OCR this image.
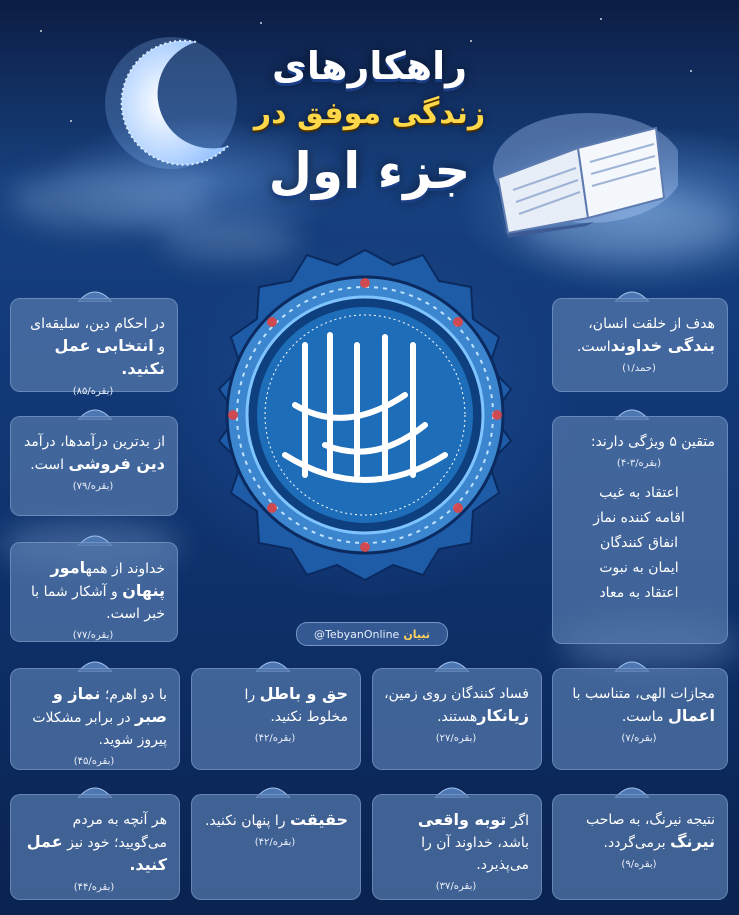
راهکارهای
زندگی موفق در
جزء اول
@TebyanOnline تبیان
هدف از خلقت انسان، بندگی خداونداست.
(حمد/۱)
در احکام دین، سلیقه‌ای و انتخابی عمل نکنید.
(بقره/۸۵)
متقین ۵ ویژگی دارند:
(بقره/۳-۴)
اعتقاد به غیب
اقامه کننده نماز
انفاق کنندگان
ایمان به نبوت
اعتقاد به معاد
از بدترین درآمدها، درآمد دین فروشی است.
(بقره/۷۹)
خداوند از همهامور پنهان و آشکار شما با خبر است.
(بقره/۷۷)
مجازات الهی، متناسب با اعمال ماست.
(بقره/۷)
فساد کنندگان روی زمین، زیانکارهستند.
(بقره/۲۷)
حق و باطل را مخلوط نکنید.
(بقره/۴۲)
با دو اهرم؛ نماز و صبر در برابر مشکلات پیروز شوید.
(بقره/۴۵)
نتیجه نیرنگ، به صاحب نیرنگ برمی‌گردد.
(بقره/۹)
اگر توبه واقعی باشد، خداوند آن را می‌پذیرد.
(بقره/۳۷)
حقیقت را پنهان نکنید.
(بقره/۴۲)
هر آنچه به مردم می‌گویید؛ خود نیز عمل کنید.
(بقره/۴۴)
